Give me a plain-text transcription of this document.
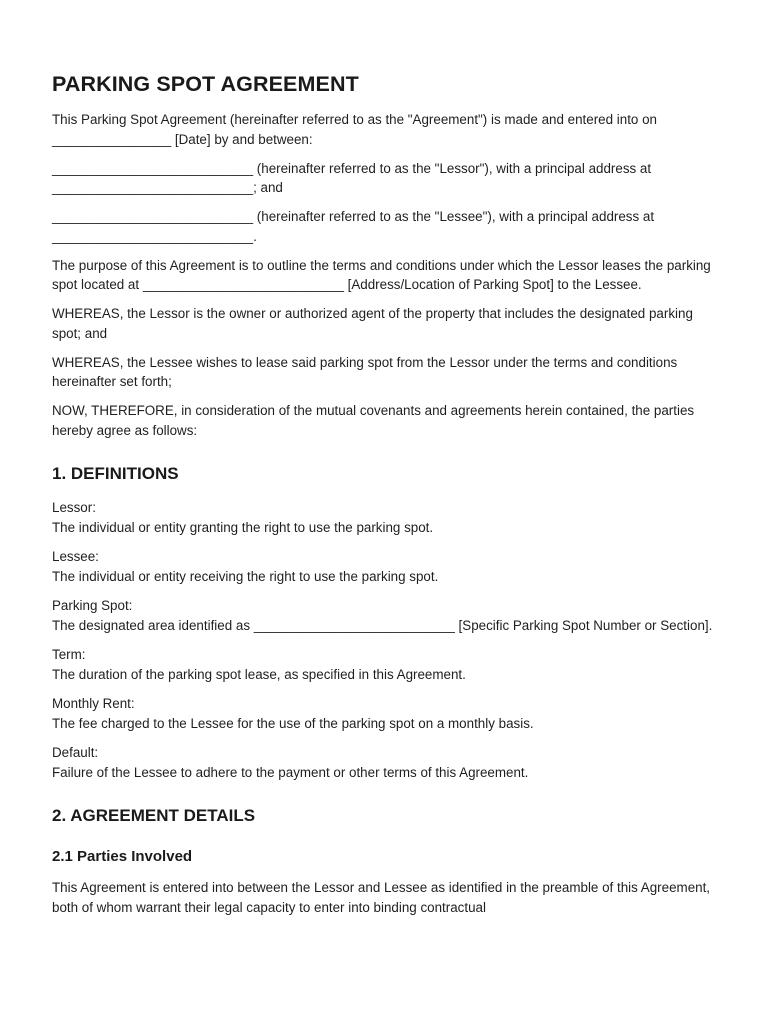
PARKING SPOT AGREEMENT

This Parking Spot Agreement (hereinafter referred to as the "Agreement") is made and entered into on ________________ [Date] by and between:

___________________________ (hereinafter referred to as the "Lessor"), with a principal address at ___________________________; and

___________________________ (hereinafter referred to as the "Lessee"), with a principal address at ___________________________.

The purpose of this Agreement is to outline the terms and conditions under which the Lessor leases the parking spot located at ___________________________ [Address/Location of Parking Spot] to the Lessee.

WHEREAS, the Lessor is the owner or authorized agent of the property that includes the designated parking spot; and

WHEREAS, the Lessee wishes to lease said parking spot from the Lessor under the terms and conditions hereinafter set forth;

NOW, THEREFORE, in consideration of the mutual covenants and agreements herein contained, the parties hereby agree as follows:

1. DEFINITIONS
Lessor:
The individual or entity granting the right to use the parking spot.
Lessee:
The individual or entity receiving the right to use the parking spot.
Parking Spot:
The designated area identified as ___________________________ [Specific Parking Spot Number or Section].
Term:
The duration of the parking spot lease, as specified in this Agreement.
Monthly Rent:
The fee charged to the Lessee for the use of the parking spot on a monthly basis.
Default:
Failure of the Lessee to adhere to the payment or other terms of this Agreement.
2. AGREEMENT DETAILS
2.1 Parties Involved

This Agreement is entered into between the Lessor and Lessee as identified in the preamble of this Agreement, both of whom warrant their legal capacity to enter into binding contractual
